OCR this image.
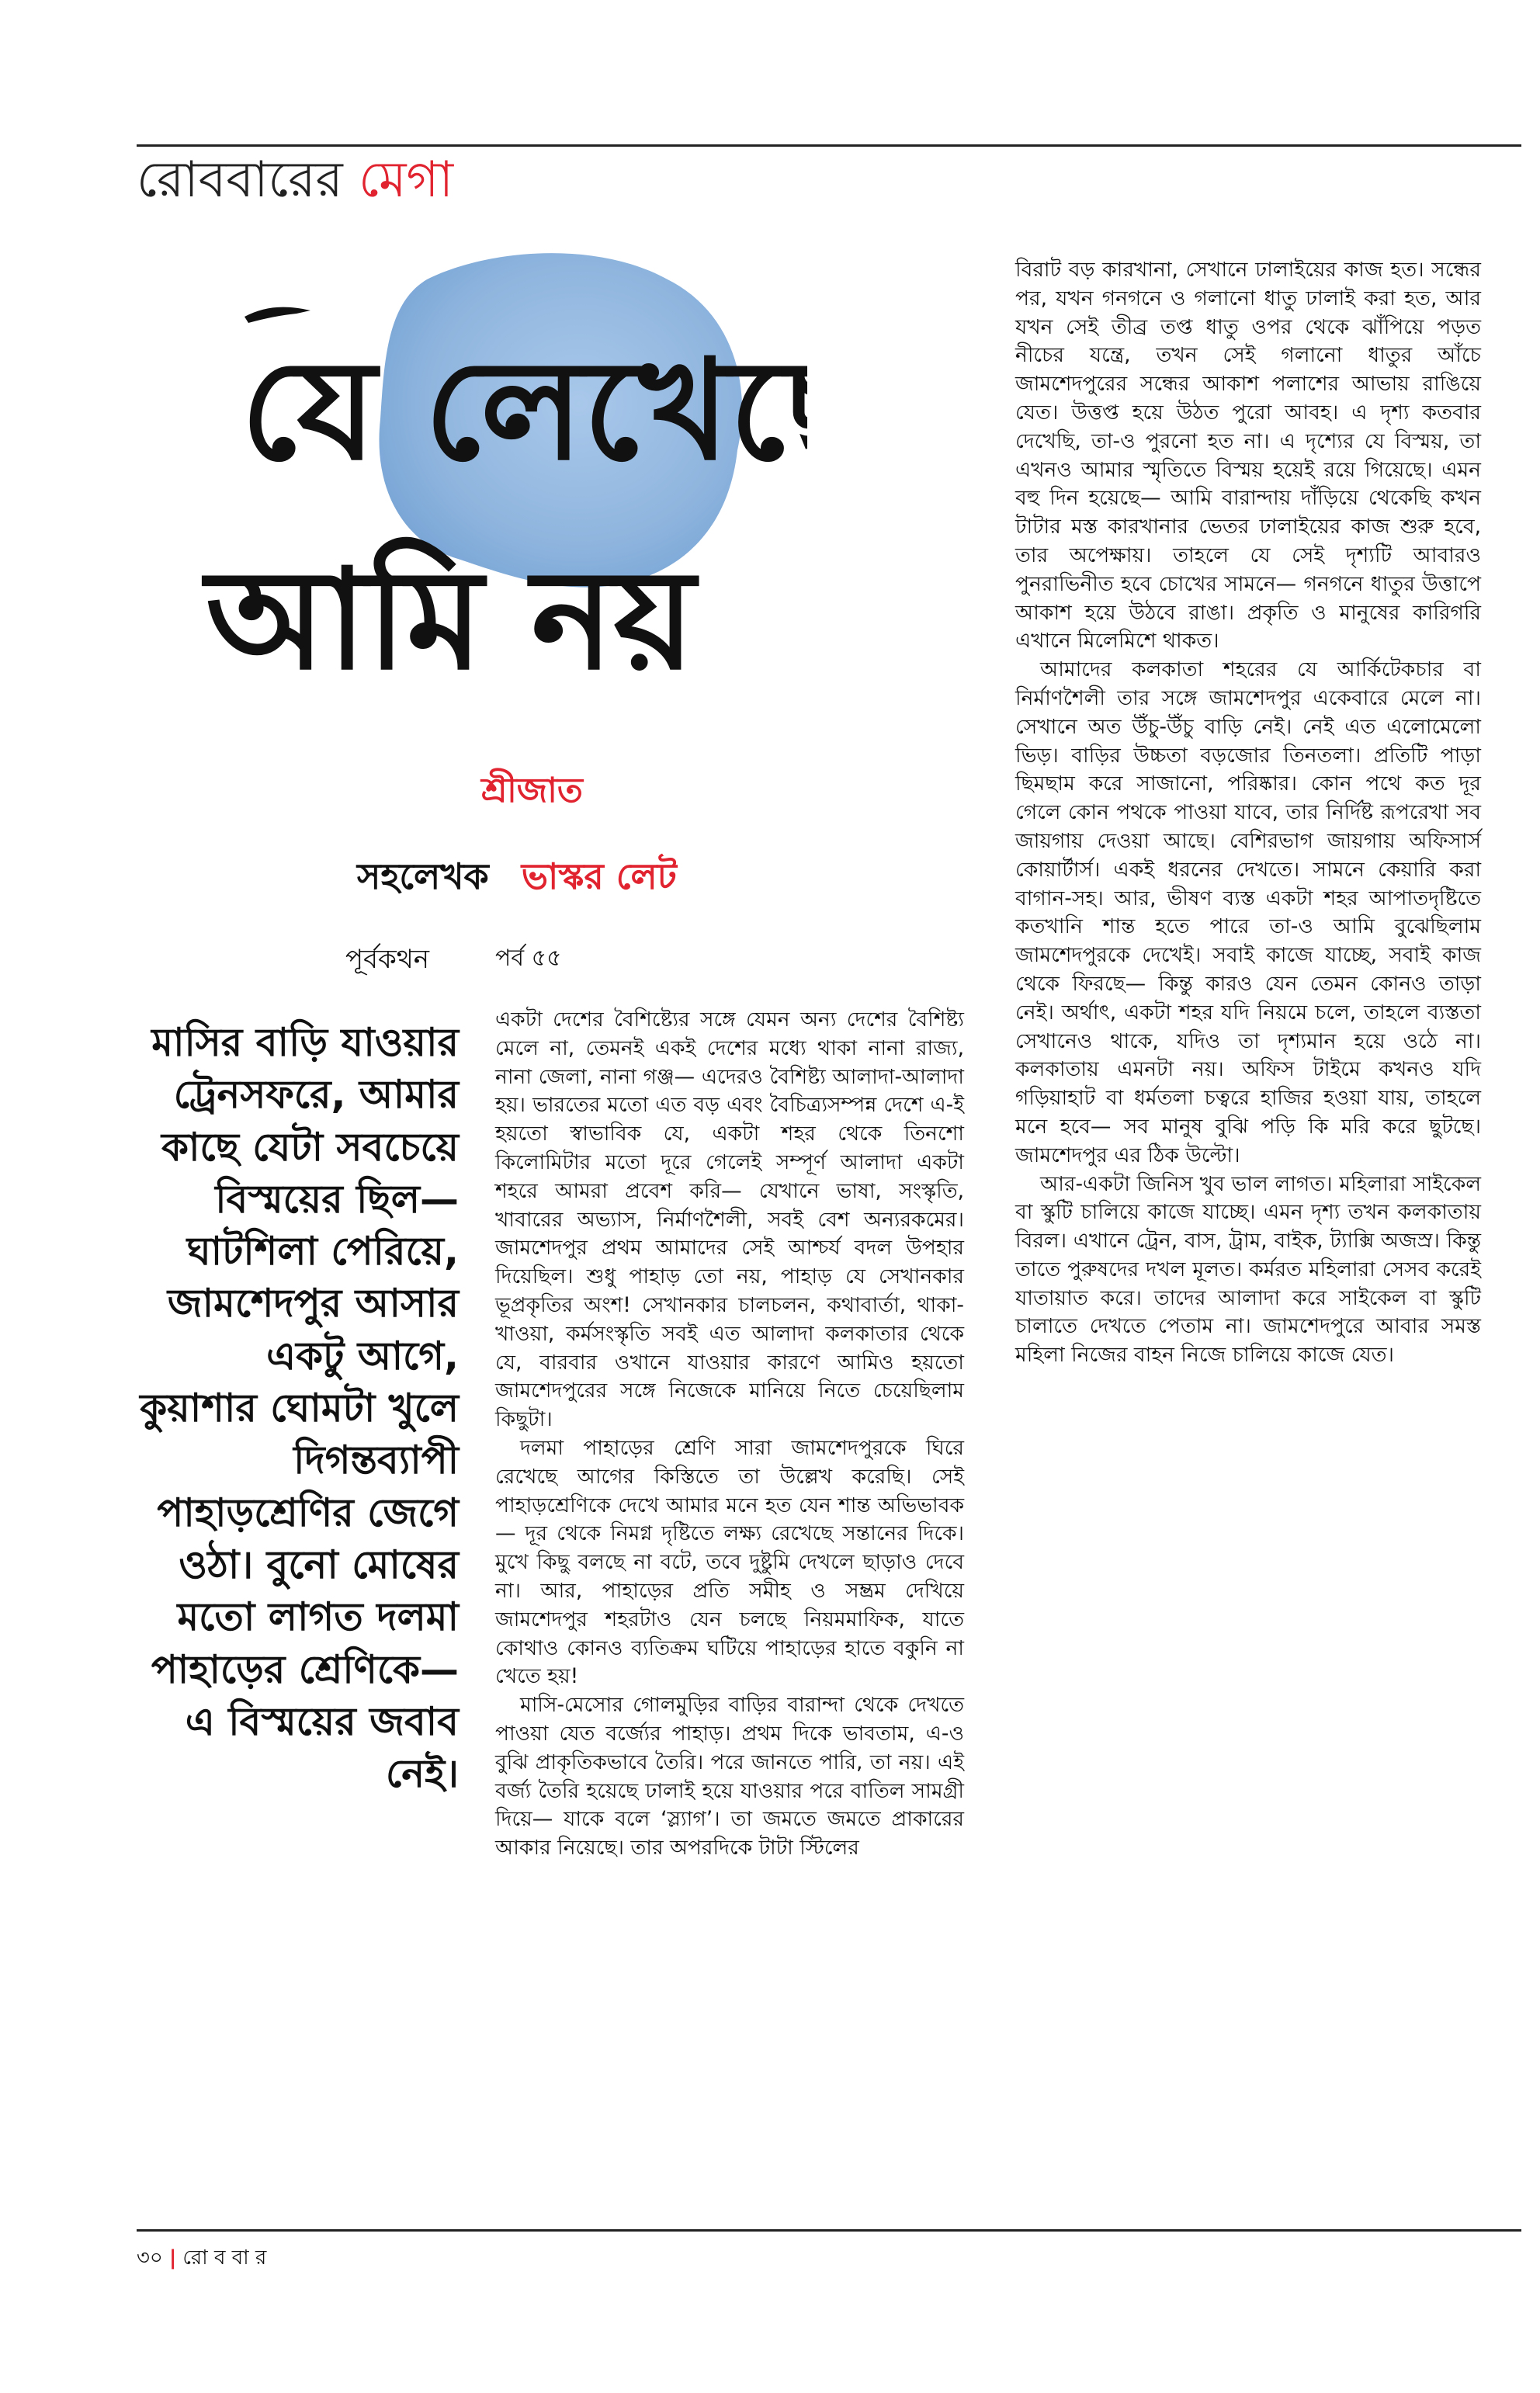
রোববারের মেগা
যে লেখেছে
আমি নয়
শ্রীজাত
সহলেখক ভাস্কর লেট
পূর্বকথন	পর্ব ৫৫
মাসির বাড়ি যাওয়ার ট্রেনসফরে, আমার কাছে যেটা সবচেয়ে বিস্ময়ের ছিল— ঘাটশিলা পেরিয়ে, জামশেদপুর আসার একটু আগে, কুয়াশার ঘোমটা খুলে দিগন্তব্যাপী পাহাড়শ্রেণির জেগে ওঠা। বুনো মোষের মতো লাগত দলমা পাহাড়ের শ্রেণিকে— এ বিস্ময়ের জবাব নেই।

একটা দেশের বৈশিষ্ট্যের সঙ্গে যেমন অন্য দেশের বৈশিষ্ট্য মেলে না, তেমনই একই দেশের মধ্যে থাকা নানা রাজ্য, নানা জেলা, নানা গঞ্জ— এদেরও বৈশিষ্ট্য আলাদা-আলাদা হয়। ভারতের মতো এত বড় এবং বৈচিত্র্যসম্পন্ন দেশে এ-ই হয়তো স্বাভাবিক যে, একটা শহর থেকে তিনশো কিলোমিটার মতো দূরে গেলেই সম্পূর্ণ আলাদা একটা শহরে আমরা প্রবেশ করি— যেখানে ভাষা, সংস্কৃতি, খাবারের অভ্যাস, নির্মাণশৈলী, সবই বেশ অন্যরকমের। জামশেদপুর প্রথম আমাদের সেই আশ্চর্য বদল উপহার দিয়েছিল। শুধু পাহাড় তো নয়, পাহাড় যে সেখানকার ভূপ্রকৃতির অংশ! সেখানকার চালচলন, কথাবার্তা, থাকা-খাওয়া, কর্মসংস্কৃতি সবই এত আলাদা কলকাতার থেকে যে, বারবার ওখানে যাওয়ার কারণে আমিও হয়তো জামশেদপুরের সঙ্গে নিজেকে মানিয়ে নিতে চেয়েছিলাম কিছুটা।

দলমা পাহাড়ের শ্রেণি সারা জামশেদপুরকে ঘিরে রেখেছে আগের কিস্তিতে তা উল্লেখ করেছি। সেই পাহাড়শ্রেণিকে দেখে আমার মনে হত যেন শান্ত অভিভাবক— দূর থেকে নিমগ্ন দৃষ্টিতে লক্ষ্য রেখেছে সন্তানের দিকে। মুখে কিছু বলছে না বটে, তবে দুষ্টুমি দেখলে ছাড়াও দেবে না। আর, পাহাড়ের প্রতি সমীহ ও সম্ভ্রম দেখিয়ে জামশেদপুর শহরটাও যেন চলছে নিয়মমাফিক, যাতে কোথাও কোনও ব্যতিক্রম ঘটিয়ে পাহাড়ের হাতে বকুনি না খেতে হয়!

মাসি-মেসোর গোলমুড়ির বাড়ির বারান্দা থেকে দেখতে পাওয়া যেত বর্জ্যের পাহাড়। প্রথম দিকে ভাবতাম, এ-ও বুঝি প্রাকৃতিকভাবে তৈরি। পরে জানতে পারি, তা নয়। এই বর্জ্য তৈরি হয়েছে ঢালাই হয়ে যাওয়ার পরে বাতিল সামগ্রী দিয়ে— যাকে বলে ‘স্ল্যাগ’। তা জমতে জমতে প্রাকারের আকার নিয়েছে। তার অপরদিকে টাটা স্টিলের

বিরাট বড় কারখানা, সেখানে ঢালাইয়ের কাজ হত। সন্ধের পর, যখন গনগনে ও গলানো ধাতু ঢালাই করা হত, আর যখন সেই তীব্র তপ্ত ধাতু ওপর থেকে ঝাঁপিয়ে পড়ত নীচের যন্ত্রে, তখন সেই গলানো ধাতুর আঁচে জামশেদপুরের সন্ধের আকাশ পলাশের আভায় রাঙিয়ে যেত। উত্তপ্ত হয়ে উঠত পুরো আবহ। এ দৃশ্য কতবার দেখেছি, তা-ও পুরনো হত না। এ দৃশ্যের যে বিস্ময়, তা এখনও আমার স্মৃতিতে বিস্ময় হয়েই রয়ে গিয়েছে। এমন বহু দিন হয়েছে— আমি বারান্দায় দাঁড়িয়ে থেকেছি কখন টাটার মস্ত কারখানার ভেতর ঢালাইয়ের কাজ শুরু হবে, তার অপেক্ষায়। তাহলে যে সেই দৃশ্যটি আবারও পুনরাভিনীত হবে চোখের সামনে— গনগনে ধাতুর উত্তাপে আকাশ হয়ে উঠবে রাঙা। প্রকৃতি ও মানুষের কারিগরি এখানে মিলেমিশে থাকত।

আমাদের কলকাতা শহরের যে আর্কিটেকচার বা নির্মাণশৈলী তার সঙ্গে জামশেদপুর একেবারে মেলে না। সেখানে অত উঁচু-উঁচু বাড়ি নেই। নেই এত এলোমেলো ভিড়। বাড়ির উচ্চতা বড়জোর তিনতলা। প্রতিটি পাড়া ছিমছাম করে সাজানো, পরিষ্কার। কোন পথে কত দূর গেলে কোন পথকে পাওয়া যাবে, তার নির্দিষ্ট রূপরেখা সব জায়গায় দেওয়া আছে। বেশিরভাগ জায়গায় অফিসার্স কোয়ার্টার্স। একই ধরনের দেখতে। সামনে কেয়ারি করা বাগান-সহ। আর, ভীষণ ব্যস্ত একটা শহর আপাতদৃষ্টিতে কতখানি শান্ত হতে পারে তা-ও আমি বুঝেছিলাম জামশেদপুরকে দেখেই। সবাই কাজে যাচ্ছে, সবাই কাজ থেকে ফিরছে— কিন্তু কারও যেন তেমন কোনও তাড়া নেই। অর্থাৎ, একটা শহর যদি নিয়মে চলে, তাহলে ব্যস্ততা সেখানেও থাকে, যদিও তা দৃশ্যমান হয়ে ওঠে না। কলকাতায় এমনটা নয়। অফিস টাইমে কখনও যদি গড়িয়াহাট বা ধর্মতলা চত্বরে হাজির হওয়া যায়, তাহলে মনে হবে— সব মানুষ বুঝি পড়ি কি মরি করে ছুটছে। জামশেদপুর এর ঠিক উল্টো।

আর-একটা জিনিস খুব ভাল লাগত। মহিলারা সাইকেল বা স্কুটি চালিয়ে কাজে যাচ্ছে। এমন দৃশ্য তখন কলকাতায় বিরল। এখানে ট্রেন, বাস, ট্রাম, বাইক, ট্যাক্সি অজস্র। কিন্তু তাতে পুরুষদের দখল মূলত। কর্মরত মহিলারা সেসব করেই যাতায়াত করে। তাদের আলাদা করে সাইকেল বা স্কুটি চালাতে দেখতে পেতাম না। জামশেদপুরে আবার সমস্ত মহিলা নিজের বাহন নিজে চালিয়ে কাজে যেত।

৩০ | রো ব বা র
